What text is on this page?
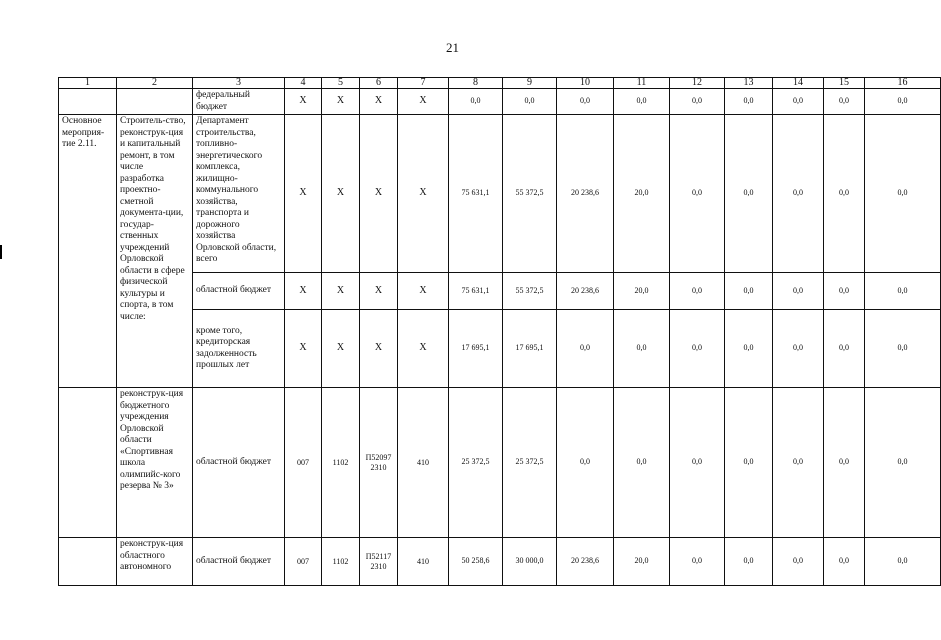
21
1	2	3	4	5	6	7	8	9	10	11	12	13	14	15	16
		федеральный бюджет	Х	Х	Х	Х	0,0	0,0	0,0	0,0	0,0	0,0	0,0	0,0	0,0
Основное мероприя-тие 2.11.	Строитель-ство, реконструк-ция и капитальный ремонт, в том числе разработка проектно-сметной документа-ции, государ-ственных учреждений Орловской области в сфере физической культуры и спорта, в том числе:	Департамент строительства, топливно-энергетического комплекса, жилищно-коммунального хозяйства, транспорта и дорожного хозяйства Орловской области, всего	Х	Х	Х	Х	75 631,1	55 372,5	20 238,6	20,0	0,0	0,0	0,0	0,0	0,0
		областной бюджет	Х	Х	Х	Х	75 631,1	55 372,5	20 238,6	20,0	0,0	0,0	0,0	0,0	0,0
		кроме того, кредиторская задолженность прошлых лет	Х	Х	Х	Х	17 695,1	17 695,1	0,0	0,0	0,0	0,0	0,0	0,0	0,0
	реконструк-ция бюджетного учреждения Орловской области «Спортивная школа олимпийс-кого резерва № 3»	областной бюджет	007	1102	П52097 2310	410	25 372,5	25 372,5	0,0	0,0	0,0	0,0	0,0	0,0	0,0
	реконструк-ция областного автономного	областной бюджет	007	1102	П52117 2310	410	50 258,6	30 000,0	20 238,6	20,0	0,0	0,0	0,0	0,0	0,0
